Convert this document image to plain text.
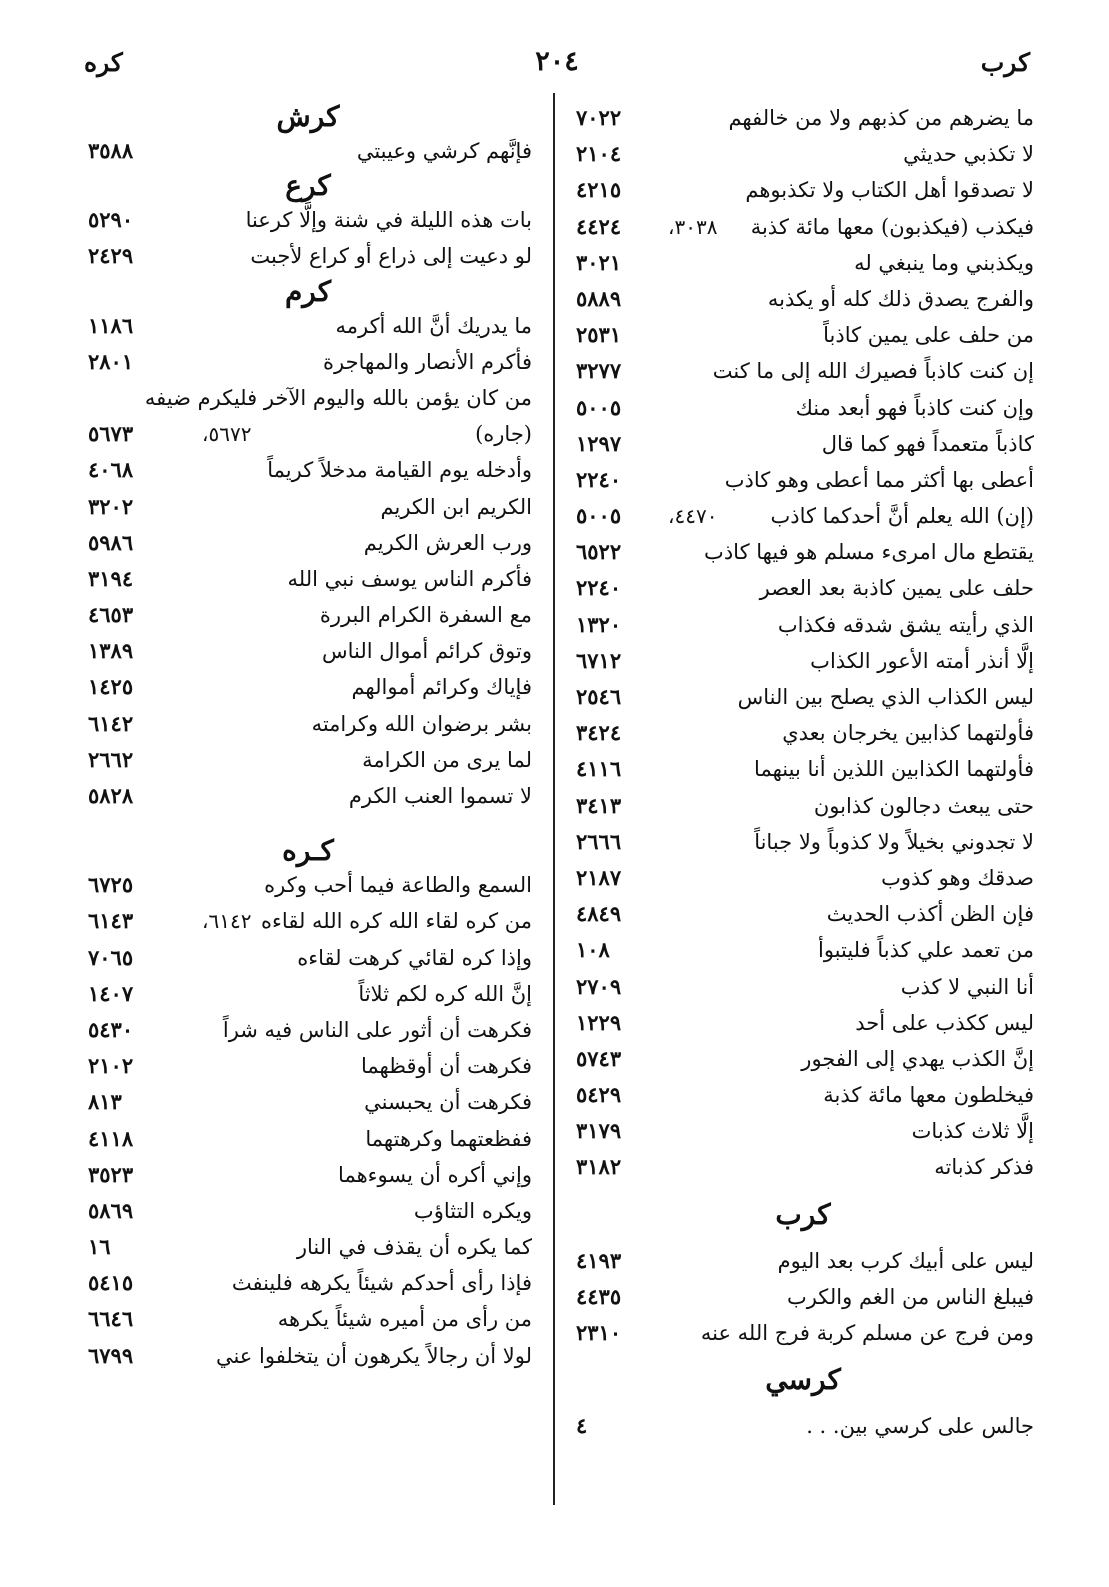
كرب
٢٠٤
كره
ما يضرهم من كذبهم ولا من خالفهم
٧٠٢٢
لا تكذبي حديثي
٢١٠٤
لا تصدقوا أهل الكتاب ولا تكذبوهم
٤٢١٥
فيكذب (فيكذبون) معها مائة كذبة
٣٠٣٨،
٤٤٢٤
ويكذبني وما ينبغي له
٣٠٢١
والفرج يصدق ذلك كله أو يكذبه
٥٨٨٩
من حلف على يمين كاذباً
٢٥٣١
إن كنت كاذباً فصيرك الله إلى ما كنت
٣٢٧٧
وإن كنت كاذباً فهو أبعد منك
٥٠٠٥
كاذباً متعمداً فهو كما قال
١٢٩٧
أعطى بها أكثر مما أعطى وهو كاذب
٢٢٤٠
(إن) الله يعلم أنَّ أحدكما كاذب
٤٤٧٠،
٥٠٠٥
يقتطع مال امرىء مسلم هو فيها كاذب
٦٥٢٢
حلف على يمين كاذبة بعد العصر
٢٢٤٠
الذي رأيته يشق شدقه فكذاب
١٣٢٠
إلَّا أنذر أمته الأعور الكذاب
٦٧١٢
ليس الكذاب الذي يصلح بين الناس
٢٥٤٦
فأولتهما كذابين يخرجان بعدي
٣٤٢٤
فأولتهما الكذابين اللذين أنا بينهما
٤١١٦
حتى يبعث دجالون كذابون
٣٤١٣
لا تجدوني بخيلاً ولا كذوباً ولا جباناً
٢٦٦٦
صدقك وهو كذوب
٢١٨٧
فإن الظن أكذب الحديث
٤٨٤٩
من تعمد علي كذباً فليتبوأ
١٠٨
أنا النبي لا كذب
٢٧٠٩
ليس ككذب على أحد
١٢٢٩
إنَّ الكذب يهدي إلى الفجور
٥٧٤٣
فيخلطون معها مائة كذبة
٥٤٢٩
إلَّا ثلاث كذبات
٣١٧٩
فذكر كذباته
٣١٨٢
كرب
ليس على أبيك كرب بعد اليوم
٤١٩٣
فيبلغ الناس من الغم والكرب
٤٤٣٥
ومن فرج عن مسلم كربة فرج الله عنه
٢٣١٠
كرسي
جالس على كرسي بين. . .
٤
كرش
فإنَّهم كرشي وعيبتي
٣٥٨٨
كرع
بات هذه الليلة في شنة وإلَّا كرعنا
٥٢٩٠
لو دعيت إلى ذراع أو كراع لأجبت
٢٤٢٩
كرم
ما يدريك أنَّ الله أكرمه
١١٨٦
فأكرم الأنصار والمهاجرة
٢٨٠١
من كان يؤمن بالله واليوم الآخر فليكرم ضيفه
(جاره)
٥٦٧٢،
٥٦٧٣
وأدخله يوم القيامة مدخلاً كريماً
٤٠٦٨
الكريم ابن الكريم
٣٢٠٢
ورب العرش الكريم
٥٩٨٦
فأكرم الناس يوسف نبي الله
٣١٩٤
مع السفرة الكرام البررة
٤٦٥٣
وتوق كرائم أموال الناس
١٣٨٩
فإياك وكرائم أموالهم
١٤٢٥
بشر برضوان الله وكرامته
٦١٤٢
لما يرى من الكرامة
٢٦٦٢
لا تسموا العنب الكرم
٥٨٢٨
كـره
السمع والطاعة فيما أحب وكره
٦٧٢٥
من كره لقاء الله كره الله لقاءه
٦١٤٢،
٦١٤٣
وإذا كره لقائي كرهت لقاءه
٧٠٦٥
إنَّ الله كره لكم ثلاثاً
١٤٠٧
فكرهت أن أثور على الناس فيه شراً
٥٤٣٠
فكرهت أن أوقظهما
٢١٠٢
فكرهت أن يحبسني
٨١٣
ففظعتهما وكرهتهما
٤١١٨
وإني أكره أن يسوءهما
٣٥٢٣
ويكره التثاؤب
٥٨٦٩
كما يكره أن يقذف في النار
١٦
فإذا رأى أحدكم شيئاً يكرهه فلينفث
٥٤١٥
من رأى من أميره شيئاً يكرهه
٦٦٤٦
لولا أن رجالاً يكرهون أن يتخلفوا عني
٦٧٩٩
